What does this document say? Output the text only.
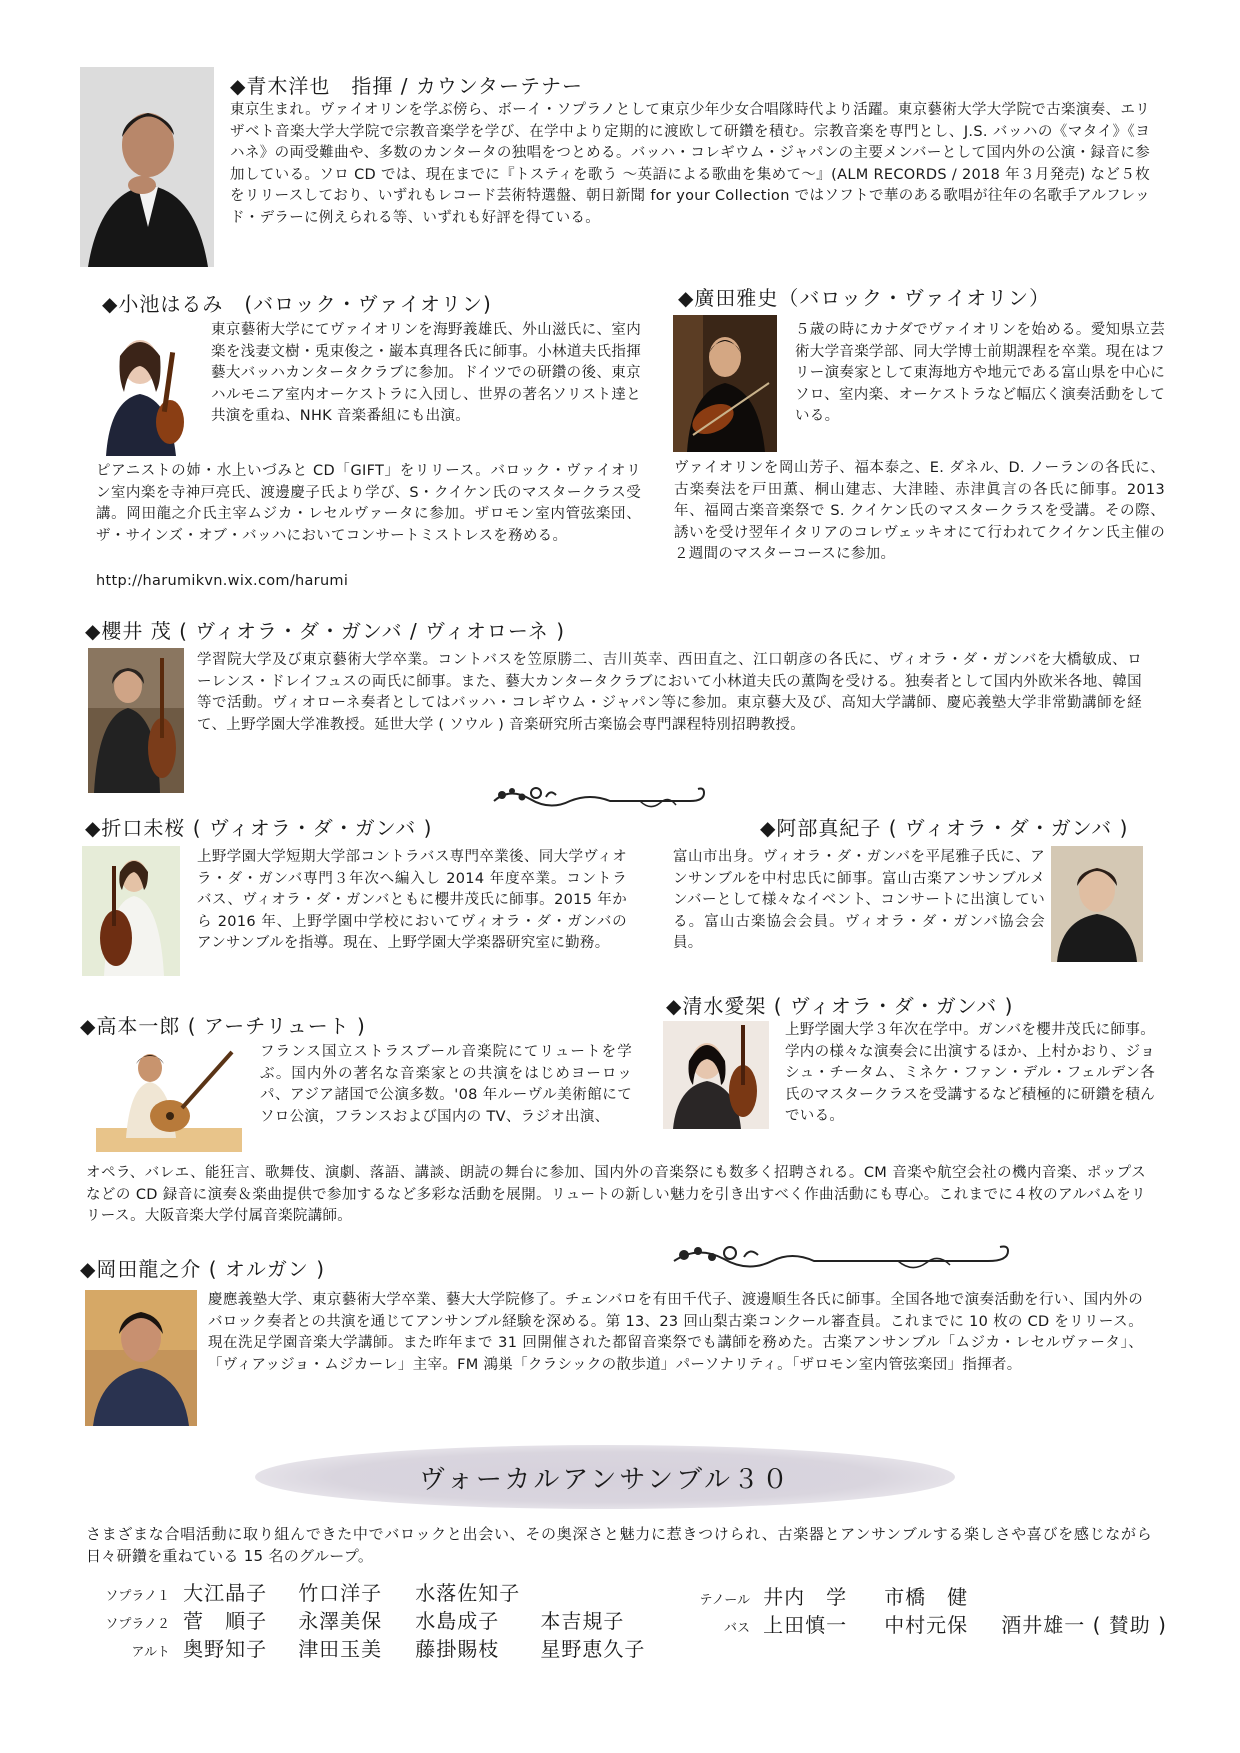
◆青木洋也　指揮 / カウンターテナー
東京生まれ。ヴァイオリンを学ぶ傍ら、ボーイ・ソプラノとして東京少年少女合唱隊時代より活躍。東京藝術大学大学院で古楽演奏、エリザベト音楽大学大学院で宗教音楽学を学び、在学中より定期的に渡欧して研鑽を積む。宗教音楽を専門とし、J.S. バッハの《マタイ》《ヨハネ》の両受難曲や、多数のカンタータの独唱をつとめる。バッハ・コレギウム・ジャパンの主要メンバーとして国内外の公演・録音に参加している。ソロ CD では、現在までに『トスティを歌う 〜英語による歌曲を集めて〜』(ALM RECORDS / 2018 年３月発売) など５枚をリリースしており、いずれもレコード芸術特選盤、朝日新聞 for your Collection ではソフトで華のある歌唱が往年の名歌手アルフレッド・デラーに例えられる等、いずれも好評を得ている。
◆小池はるみ　(バロック・ヴァイオリン)
東京藝術大学にてヴァイオリンを海野義雄氏、外山滋氏に、室内楽を浅妻文樹・兎束俊之・巌本真理各氏に師事。小林道夫氏指揮 藝大バッハカンタータクラブに参加。ドイツでの研鑽の後、東京ハルモニア室内オーケストラに入団し、世界の著名ソリスト達と共演を重ね、NHK 音楽番組にも出演。
ピアニストの姉・水上いづみと CD「GIFT」をリリース。バロック・ヴァイオリン室内楽を寺神戸亮氏、渡邊慶子氏より学び、S・クイケン氏のマスタークラス受講。岡田龍之介氏主宰ムジカ・レセルヴァータに参加。ザロモン室内管弦楽団、ザ・サインズ・オブ・バッハにおいてコンサートミストレスを務める。
http://harumikvn.wix.com/harumi
◆廣田雅史（バロック・ヴァイオリン）
５歳の時にカナダでヴァイオリンを始める。愛知県立芸術大学音楽学部、同大学博士前期課程を卒業。現在はフリー演奏家として東海地方や地元である富山県を中心にソロ、室内楽、オーケストラなど幅広く演奏活動をしている。
ヴァイオリンを岡山芳子、福本泰之、E. ダネル、D. ノーランの各氏に、古楽奏法を戸田薫、桐山建志、大津睦、赤津眞言の各氏に師事。2013 年、福岡古楽音楽祭で S. クイケン氏のマスタークラスを受講。その際、誘いを受け翌年イタリアのコレヴェッキオにて行われてクイケン氏主催の２週間のマスターコースに参加。
◆櫻井 茂 ( ヴィオラ・ダ・ガンバ / ヴィオローネ )
学習院大学及び東京藝術大学卒業。コントバスを笠原勝二、吉川英幸、西田直之、江口朝彦の各氏に、ヴィオラ・ダ・ガンバを大橋敏成、ローレンス・ドレイフュスの両氏に師事。また、藝大カンタータクラブにおいて小林道夫氏の薫陶を受ける。独奏者として国内外欧米各地、韓国等で活動。ヴィオローネ奏者としてはバッハ・コレギウム・ジャパン等に参加。東京藝大及び、高知大学講師、慶応義塾大学非常勤講師を経て、上野学園大学准教授。延世大学 ( ソウル ) 音楽研究所古楽協会専門課程特別招聘教授。
◆折口未桜 ( ヴィオラ・ダ・ガンバ )
上野学園大学短期大学部コントラバス専門卒業後、同大学ヴィオラ・ダ・ガンバ専門３年次へ編入し 2014 年度卒業。コントラバス、ヴィオラ・ダ・ガンバともに櫻井茂氏に師事。2015 年から 2016 年、上野学園中学校においてヴィオラ・ダ・ガンバのアンサンブルを指導。現在、上野学園大学楽器研究室に勤務。
◆阿部真紀子 ( ヴィオラ・ダ・ガンバ )
富山市出身。ヴィオラ・ダ・ガンバを平尾雅子氏に、アンサンブルを中村忠氏に師事。富山古楽アンサンブルメンバーとして様々なイベント、コンサートに出演している。富山古楽協会会員。ヴィオラ・ダ・ガンバ協会会員。
◆清水愛架 ( ヴィオラ・ダ・ガンバ )
上野学園大学３年次在学中。ガンバを櫻井茂氏に師事。学内の様々な演奏会に出演するほか、上村かおり、ジョシュ・チータム、ミネケ・ファン・デル・フェルデン各氏のマスタークラスを受講するなど積極的に研鑽を積んでいる。
◆高本一郎 ( アーチリュート )
フランス国立ストラスブール音楽院にてリュートを学ぶ。国内外の著名な音楽家との共演をはじめヨーロッパ、アジア諸国で公演多数。'08 年ルーヴル美術館にてソロ公演，フランスおよび国内の TV、ラジオ出演、
オペラ、バレエ、能狂言、歌舞伎、演劇、落語、講談、朗読の舞台に参加、国内外の音楽祭にも数多く招聘される。CM 音楽や航空会社の機内音楽、ポップスなどの CD 録音に演奏＆楽曲提供で参加するなど多彩な活動を展開。リュートの新しい魅力を引き出すべく作曲活動にも専心。これまでに４枚のアルバムをリリース。大阪音楽大学付属音楽院講師。
◆岡田龍之介 ( オルガン )
慶應義塾大学、東京藝術大学卒業、藝大大学院修了。チェンバロを有田千代子、渡邊順生各氏に師事。全国各地で演奏活動を行い、国内外のバロック奏者との共演を通じてアンサンブル経験を深める。第 13、23 回山梨古楽コンクール審査員。これまでに 10 枚の CD をリリース。現在洗足学園音楽大学講師。また昨年まで 31 回開催された都留音楽祭でも講師を務めた。古楽アンサンブル「ムジカ・レセルヴァータ」、「ヴィアッジョ・ムジカーレ」主宰。FM 鴻巣「クラシックの散歩道」パーソナリティ。「ザロモン室内管弦楽団」指揮者。
ヴォーカルアンサンブル３０
さまざまな合唱活動に取り組んできた中でバロックと出会い、その奥深さと魅力に惹きつけられ、古楽器とアンサンブルする楽しさや喜びを感じながら日々研鑽を重ねている 15 名のグループ。
ソプラノ１ 大江晶子 竹口洋子 水落佐知子
ソプラノ２ 菅　順子 永澤美保 水島成子 本吉規子
アルト 奥野知子 津田玉美 藤掛賜枝 星野恵久子
テノール 井内　学 市橋　健
バス 上田慎一 中村元保 酒井雄一 ( 賛助 )
